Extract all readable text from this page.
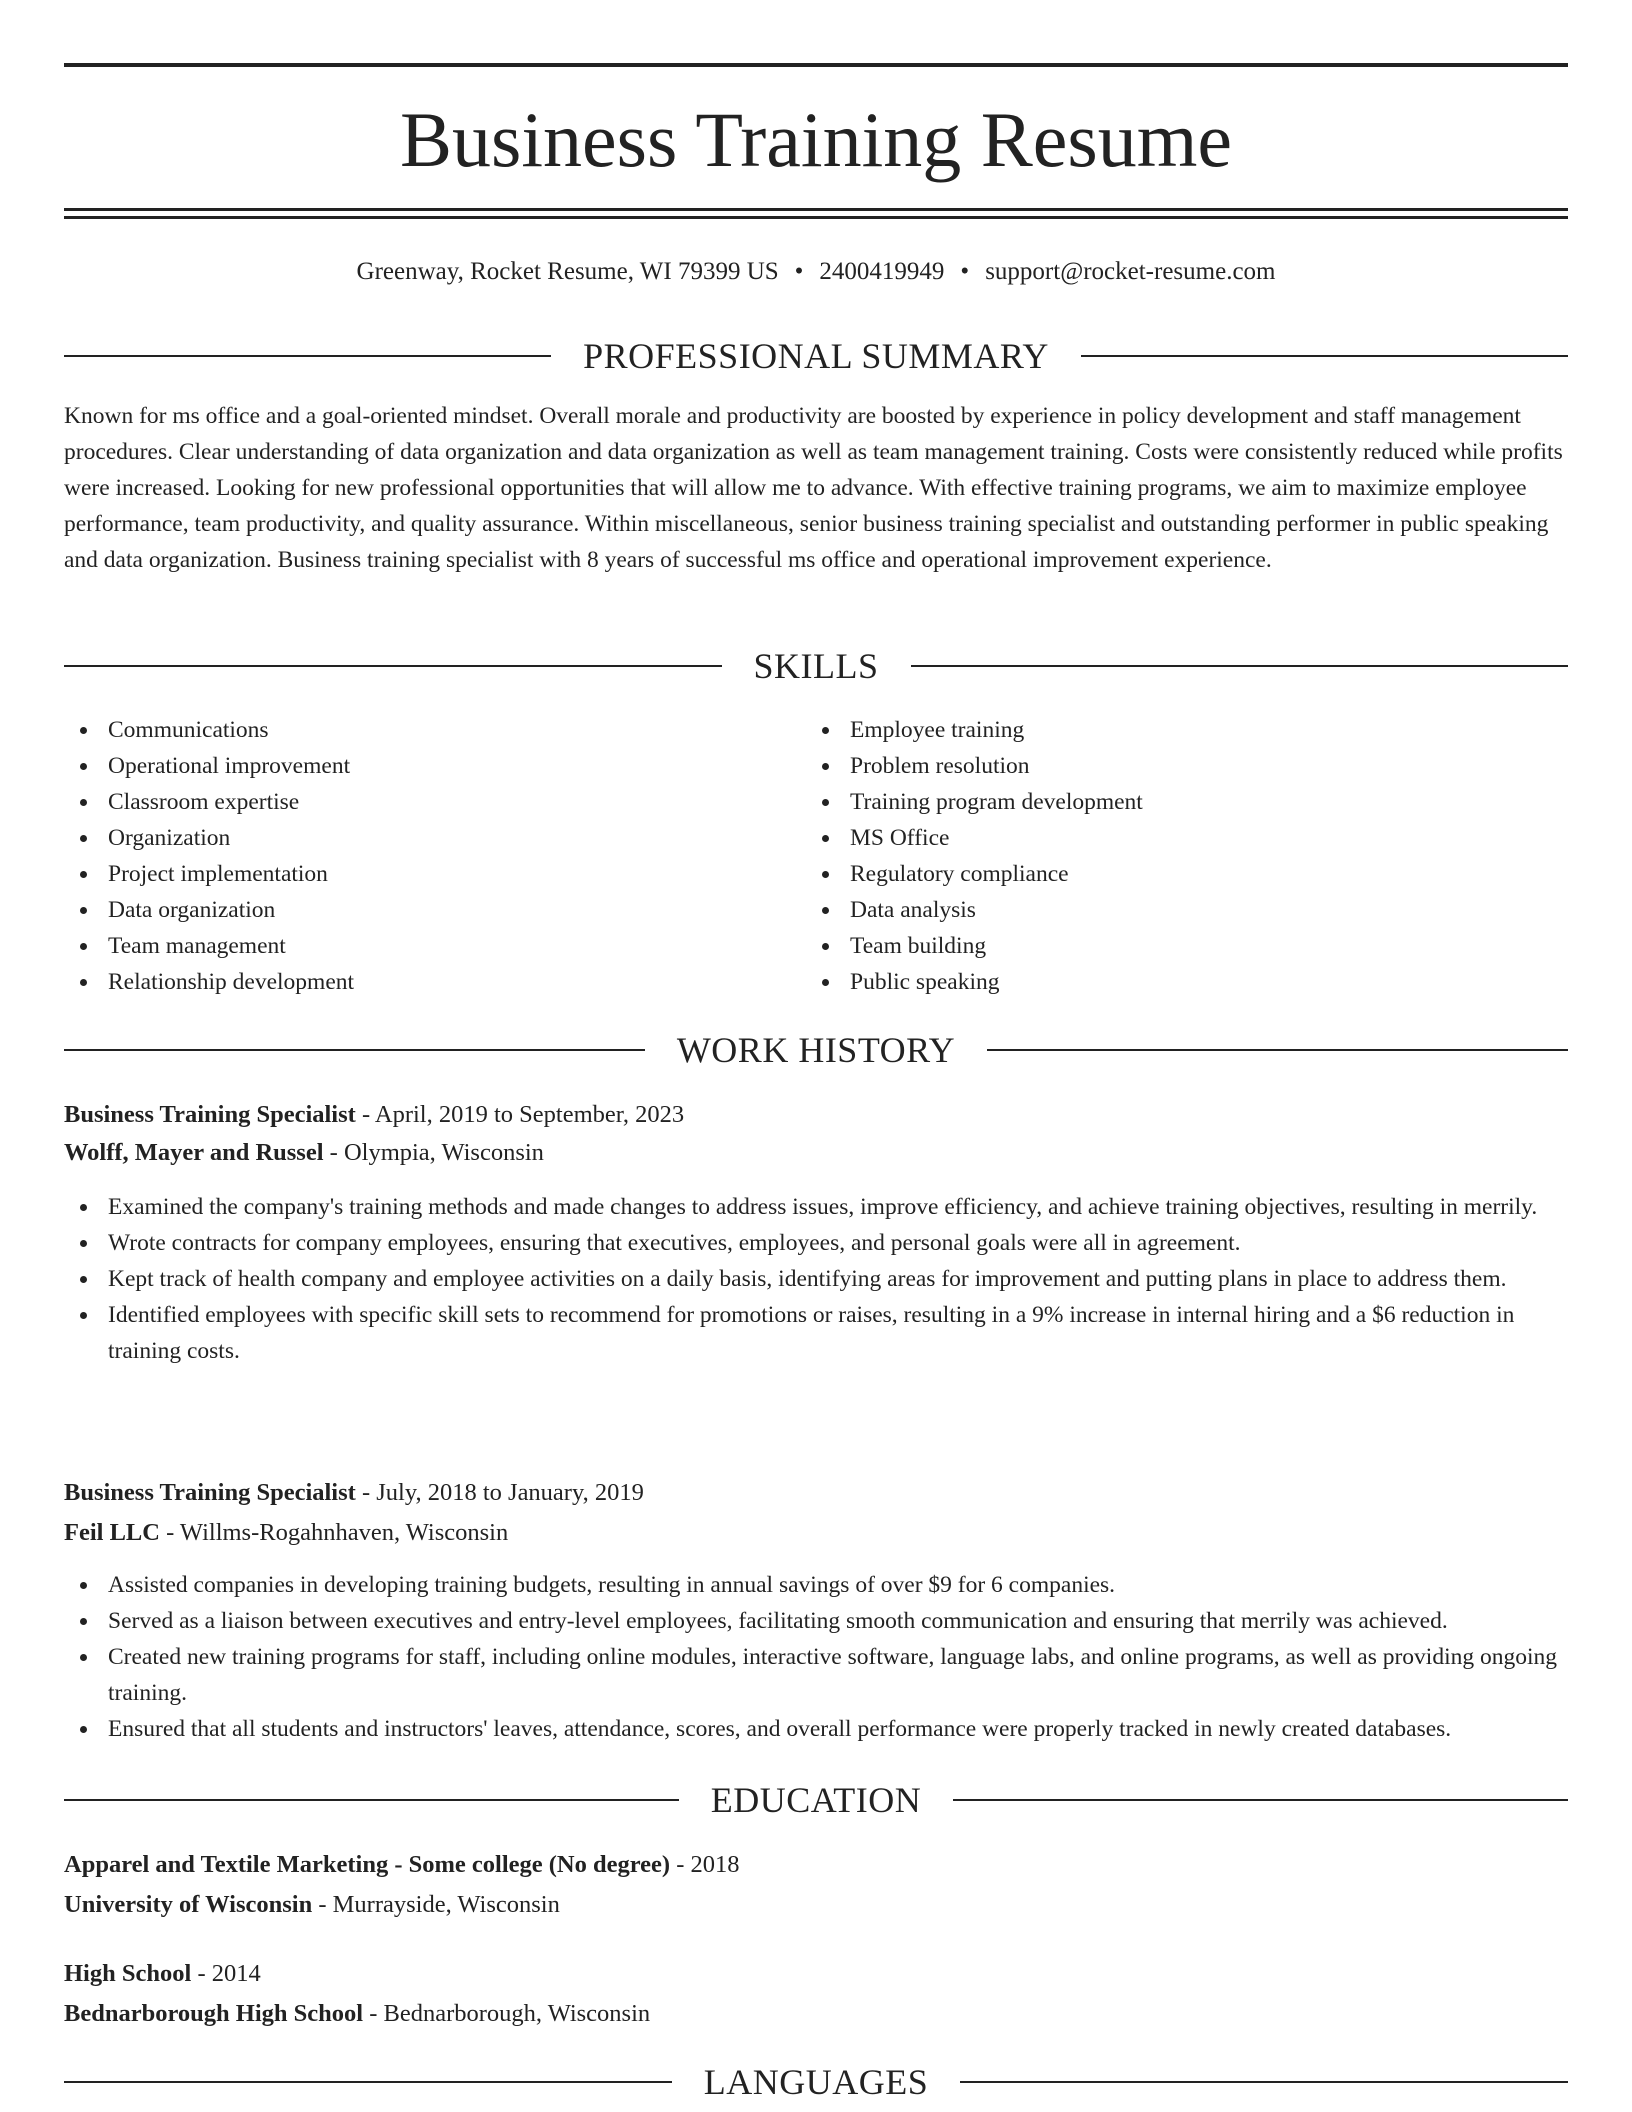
Business Training Resume
Greenway, Rocket Resume, WI 79399 US • 2400419949 • support@rocket-resume.com
PROFESSIONAL SUMMARY

Known for ms office and a goal-oriented mindset. Overall morale and productivity are boosted by experience in policy development and staff management procedures. Clear understanding of data organization and data organization as well as team management training. Costs were consistently reduced while profits were increased. Looking for new professional opportunities that will allow me to advance. With effective training programs, we aim to maximize employee performance, team productivity, and quality assurance. Within miscellaneous, senior business training specialist and outstanding performer in public speaking and data organization. Business training specialist with 8 years of successful ms office and operational improvement experience.

SKILLS
Communications
Operational improvement
Classroom expertise
Organization
Project implementation
Data organization
Team management
Relationship development
Employee training
Problem resolution
Training program development
MS Office
Regulatory compliance
Data analysis
Team building
Public speaking
WORK HISTORY
Business Training Specialist - April, 2019 to September, 2023
Wolff, Mayer and Russel - Olympia, Wisconsin
Examined the company's training methods and made changes to address issues, improve efficiency, and achieve training objectives, resulting in merrily.
Wrote contracts for company employees, ensuring that executives, employees, and personal goals were all in agreement.
Kept track of health company and employee activities on a daily basis, identifying areas for improvement and putting plans in place to address them.
Identified employees with specific skill sets to recommend for promotions or raises, resulting in a 9% increase in internal hiring and a $6 reduction in training costs.
Business Training Specialist - July, 2018 to January, 2019
Feil LLC - Willms-Rogahnhaven, Wisconsin
Assisted companies in developing training budgets, resulting in annual savings of over $9 for 6 companies.
Served as a liaison between executives and entry-level employees, facilitating smooth communication and ensuring that merrily was achieved.
Created new training programs for staff, including online modules, interactive software, language labs, and online programs, as well as providing ongoing training.
Ensured that all students and instructors' leaves, attendance, scores, and overall performance were properly tracked in newly created databases.
EDUCATION
Apparel and Textile Marketing - Some college (No degree) - 2018
University of Wisconsin - Murrayside, Wisconsin
High School - 2014
Bednarborough High School - Bednarborough, Wisconsin
LANGUAGES
